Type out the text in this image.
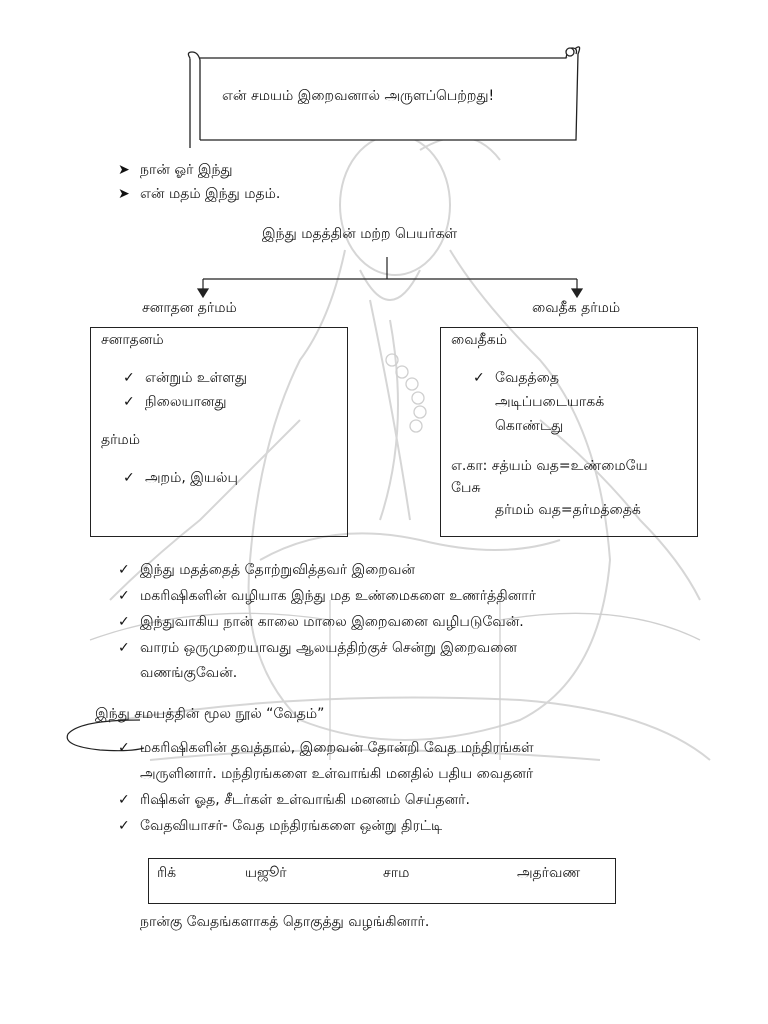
என் சமயம் இறைவனால் அருளப்பெற்றது!
➤ நான் ஓர் இந்து
➤ என் மதம் இந்து மதம்.
இந்து மதத்தின் மற்ற பெயர்கள்
சனாதன தர்மம்	வைதீக தர்மம்
சனாதனம்
✓ என்றும் உள்ளது
✓ நிலையானது
தர்மம்
✓ அறம், இயல்பு
வைதீகம்
✓ வேதத்தை
அடிப்படையாகக்
கொண்டது
எ.கா: சத்யம் வத=உண்மையே
பேசு
தர்மம் வத=தர்மத்தைக்
✓ இந்து மதத்தைத் தோற்றுவித்தவர் இறைவன்
✓ மகரிஷிகளின் வழியாக இந்து மத உண்மைகளை உணர்த்தினார்
✓ இந்துவாகிய நான் காலை மாலை இறைவனை வழிபடுவேன்.
✓ வாரம் ஒருமுறையாவது ஆலயத்திற்குச் சென்று இறைவனை
வணங்குவேன்.
இந்து சமயத்தின் மூல நூல் “வேதம்”
✓ மகரிஷிகளின் தவத்தால், இறைவன் தோன்றி வேத மந்திரங்கள்
அருளினார். மந்திரங்களை உள்வாங்கி மனதில் பதிய வைதனர்
✓ ரிஷிகள் ஓத, சீடர்கள் உள்வாங்கி மனனம் செய்தனர்.
✓ வேதவியாசர்- வேத மந்திரங்களை ஒன்று திரட்டி
ரிக்	யஜூர்	சாம	அதர்வண
நான்கு வேதங்களாகத் தொகுத்து வழங்கினார்.
